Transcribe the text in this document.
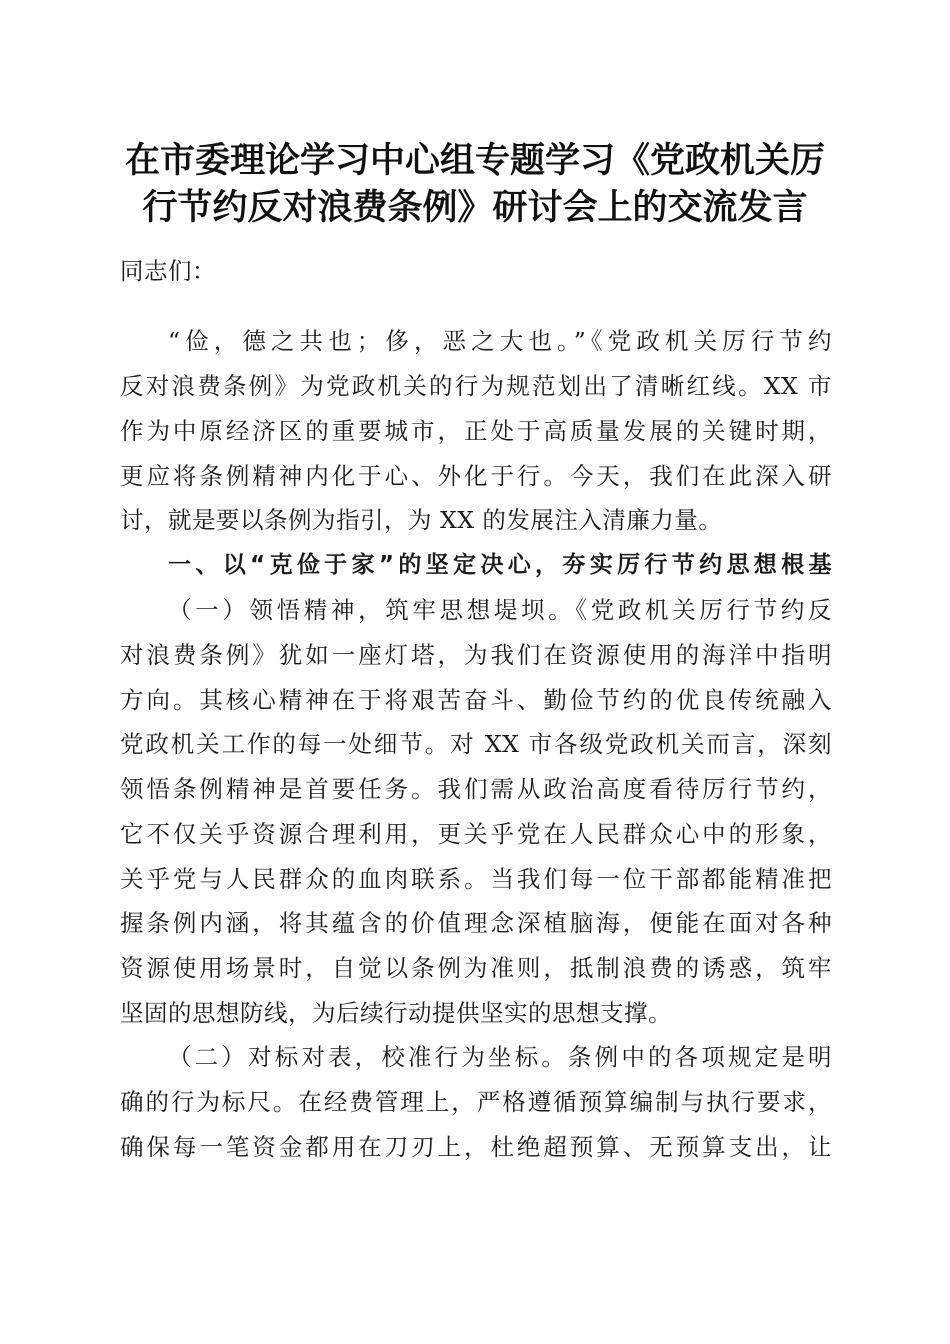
在市委理论学习中心组专题学习《党政机关厉
行节约反对浪费条例》研讨会上的交流发言
同志们：
“俭，德之共也；侈，恶之大也。”《党政机关厉行节约
反对浪费条例》为党政机关的行为规范划出了清晰红线。XX 市
作为中原经济区的重要城市，正处于高质量发展的关键时期，
更应将条例精神内化于心、外化于行。今天，我们在此深入研
讨，就是要以条例为指引，为 XX 的发展注入清廉力量。
一、以“克俭于家”的坚定决心，夯实厉行节约思想根基
（一）领悟精神，筑牢思想堤坝。《党政机关厉行节约反
对浪费条例》犹如一座灯塔，为我们在资源使用的海洋中指明
方向。其核心精神在于将艰苦奋斗、勤俭节约的优良传统融入
党政机关工作的每一处细节。对 XX 市各级党政机关而言，深刻
领悟条例精神是首要任务。我们需从政治高度看待厉行节约，
它不仅关乎资源合理利用，更关乎党在人民群众心中的形象，
关乎党与人民群众的血肉联系。当我们每一位干部都能精准把
握条例内涵，将其蕴含的价值理念深植脑海，便能在面对各种
资源使用场景时，自觉以条例为准则，抵制浪费的诱惑，筑牢
坚固的思想防线，为后续行动提供坚实的思想支撑。
（二）对标对表，校准行为坐标。条例中的各项规定是明
确的行为标尺。在经费管理上，严格遵循预算编制与执行要求，
确保每一笔资金都用在刀刃上，杜绝超预算、无预算支出，让
